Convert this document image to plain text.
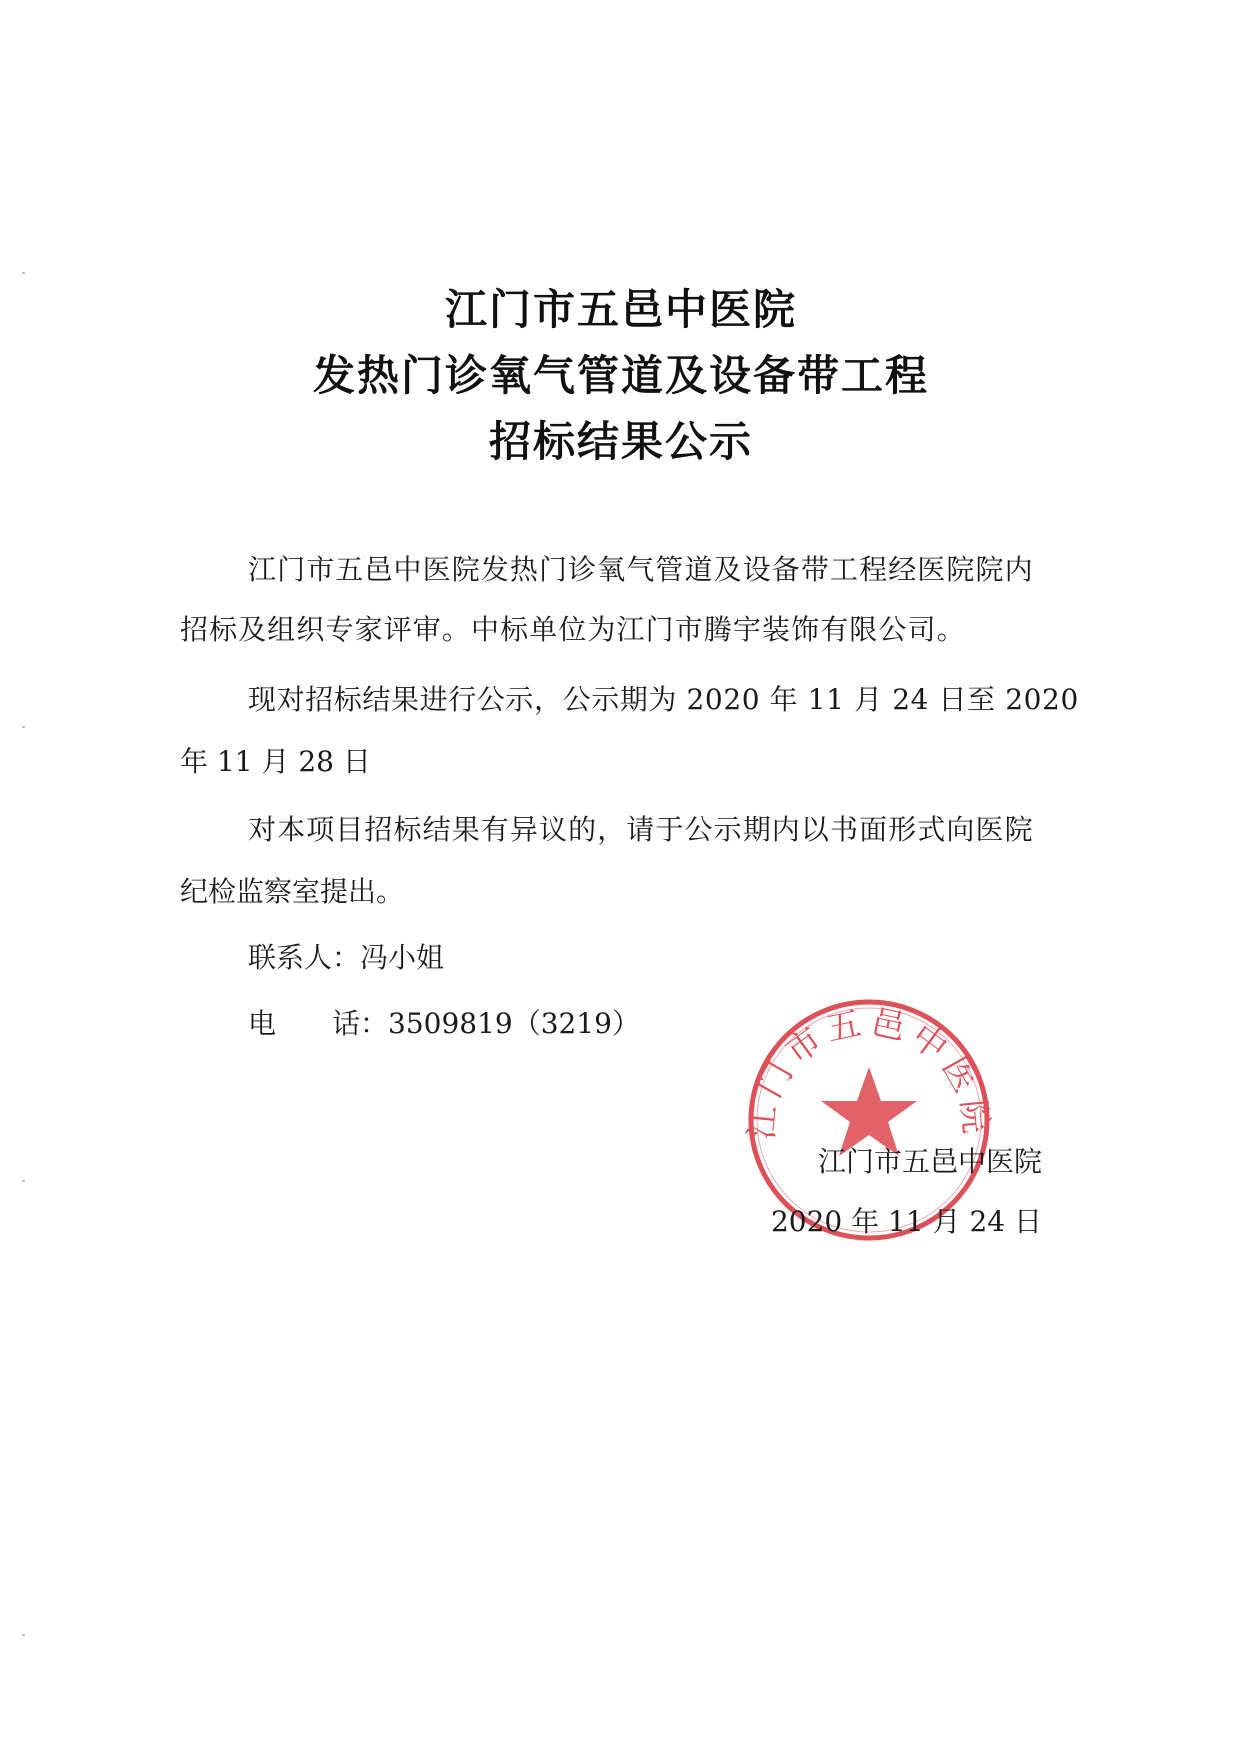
江门市五邑中医院
发热门诊氧气管道及设备带工程
招标结果公示
江门市五邑中医院发热门诊氧气管道及设备带工程经医院院内
招标及组织专家评审。中标单位为江门市腾宇装饰有限公司。
现对招标结果进行公示，公示期为 2020 年 11 月 24 日至 2020
年 11 月 28 日
对本项目招标结果有异议的，请于公示期内以书面形式向医院
纪检监察室提出。
联系人：冯小姐
电 话：3509819（3219）
江门市五邑中医院
江门市五邑中医院
2020 年 11 月 24 日
